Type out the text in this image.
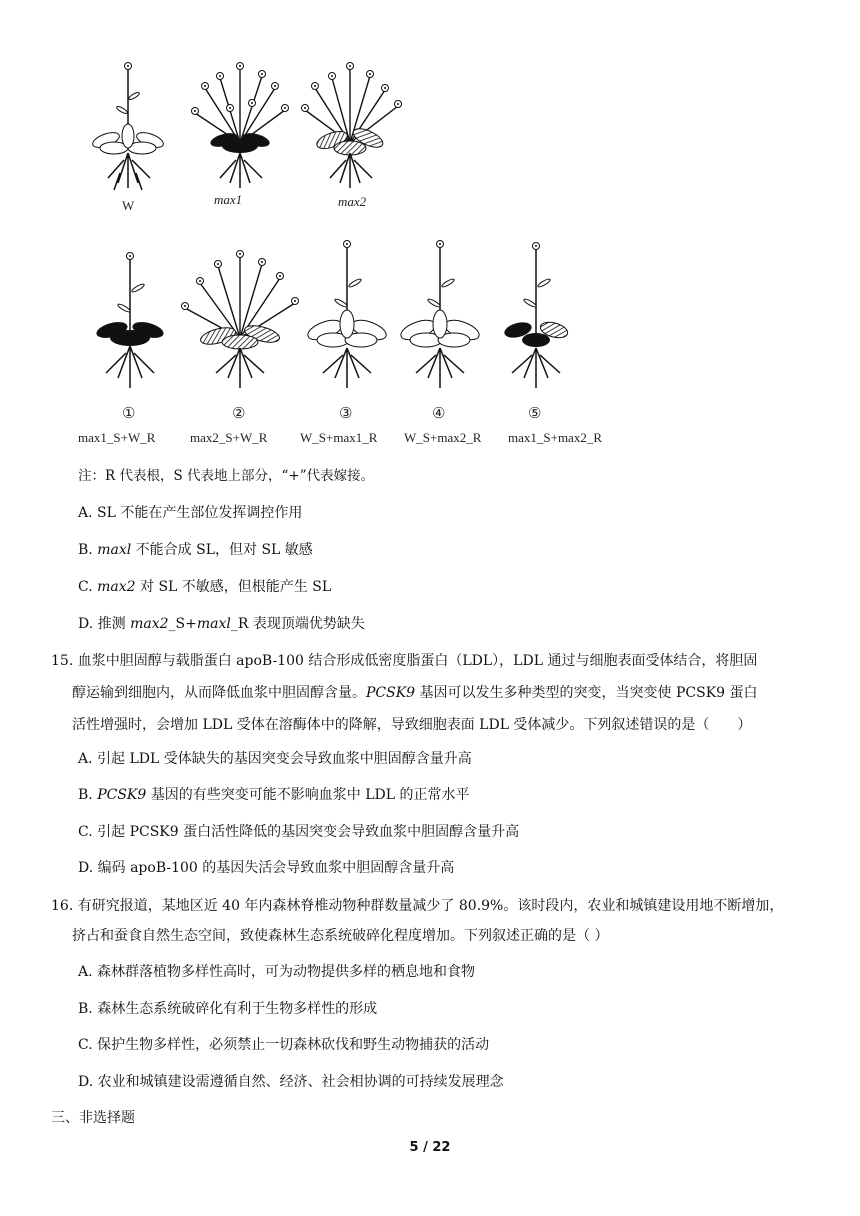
W	max1	max2
①	②	③	④	⑤
max1_S+W_R	max2_S+W_R	W_S+max1_R W_S+max2_R max1_S+max2_R
注：R 代表根，S 代表地上部分，“+”代表嫁接。
A. SL 不能在产生部位发挥调控作用
B. maxl 不能合成 SL，但对 SL 敏感
C. max2 对 SL 不敏感，但根能产生 SL
D. 推测 max2_S+maxl_R 表现顶端优势缺失
15. 血浆中胆固醇与载脂蛋白 apoB-100 结合形成低密度脂蛋白（LDL），LDL 通过与细胞表面受体结合，将胆固
醇运输到细胞内，从而降低血浆中胆固醇含量。PCSK9 基因可以发生多种类型的突变，当突变使 PCSK9 蛋白
活性增强时，会增加 LDL 受体在溶酶体中的降解，导致细胞表面 LDL 受体减少。下列叙述错误的是（　　）
A. 引起 LDL 受体缺失的基因突变会导致血浆中胆固醇含量升高
B. PCSK9 基因的有些突变可能不影响血浆中 LDL 的正常水平
C. 引起 PCSK9 蛋白活性降低的基因突变会导致血浆中胆固醇含量升高
D. 编码 apoB-100 的基因失活会导致血浆中胆固醇含量升高
16. 有研究报道，某地区近 40 年内森林脊椎动物种群数量减少了 80.9%。该时段内，农业和城镇建设用地不断增加，
挤占和蚕食自然生态空间，致使森林生态系统破碎化程度增加。下列叙述正确的是（ ）
A. 森林群落植物多样性高时，可为动物提供多样的栖息地和食物
B. 森林生态系统破碎化有利于生物多样性的形成
C. 保护生物多样性，必须禁止一切森林砍伐和野生动物捕获的活动
D. 农业和城镇建设需遵循自然、经济、社会相协调的可持续发展理念
三、非选择题
5 / 22
